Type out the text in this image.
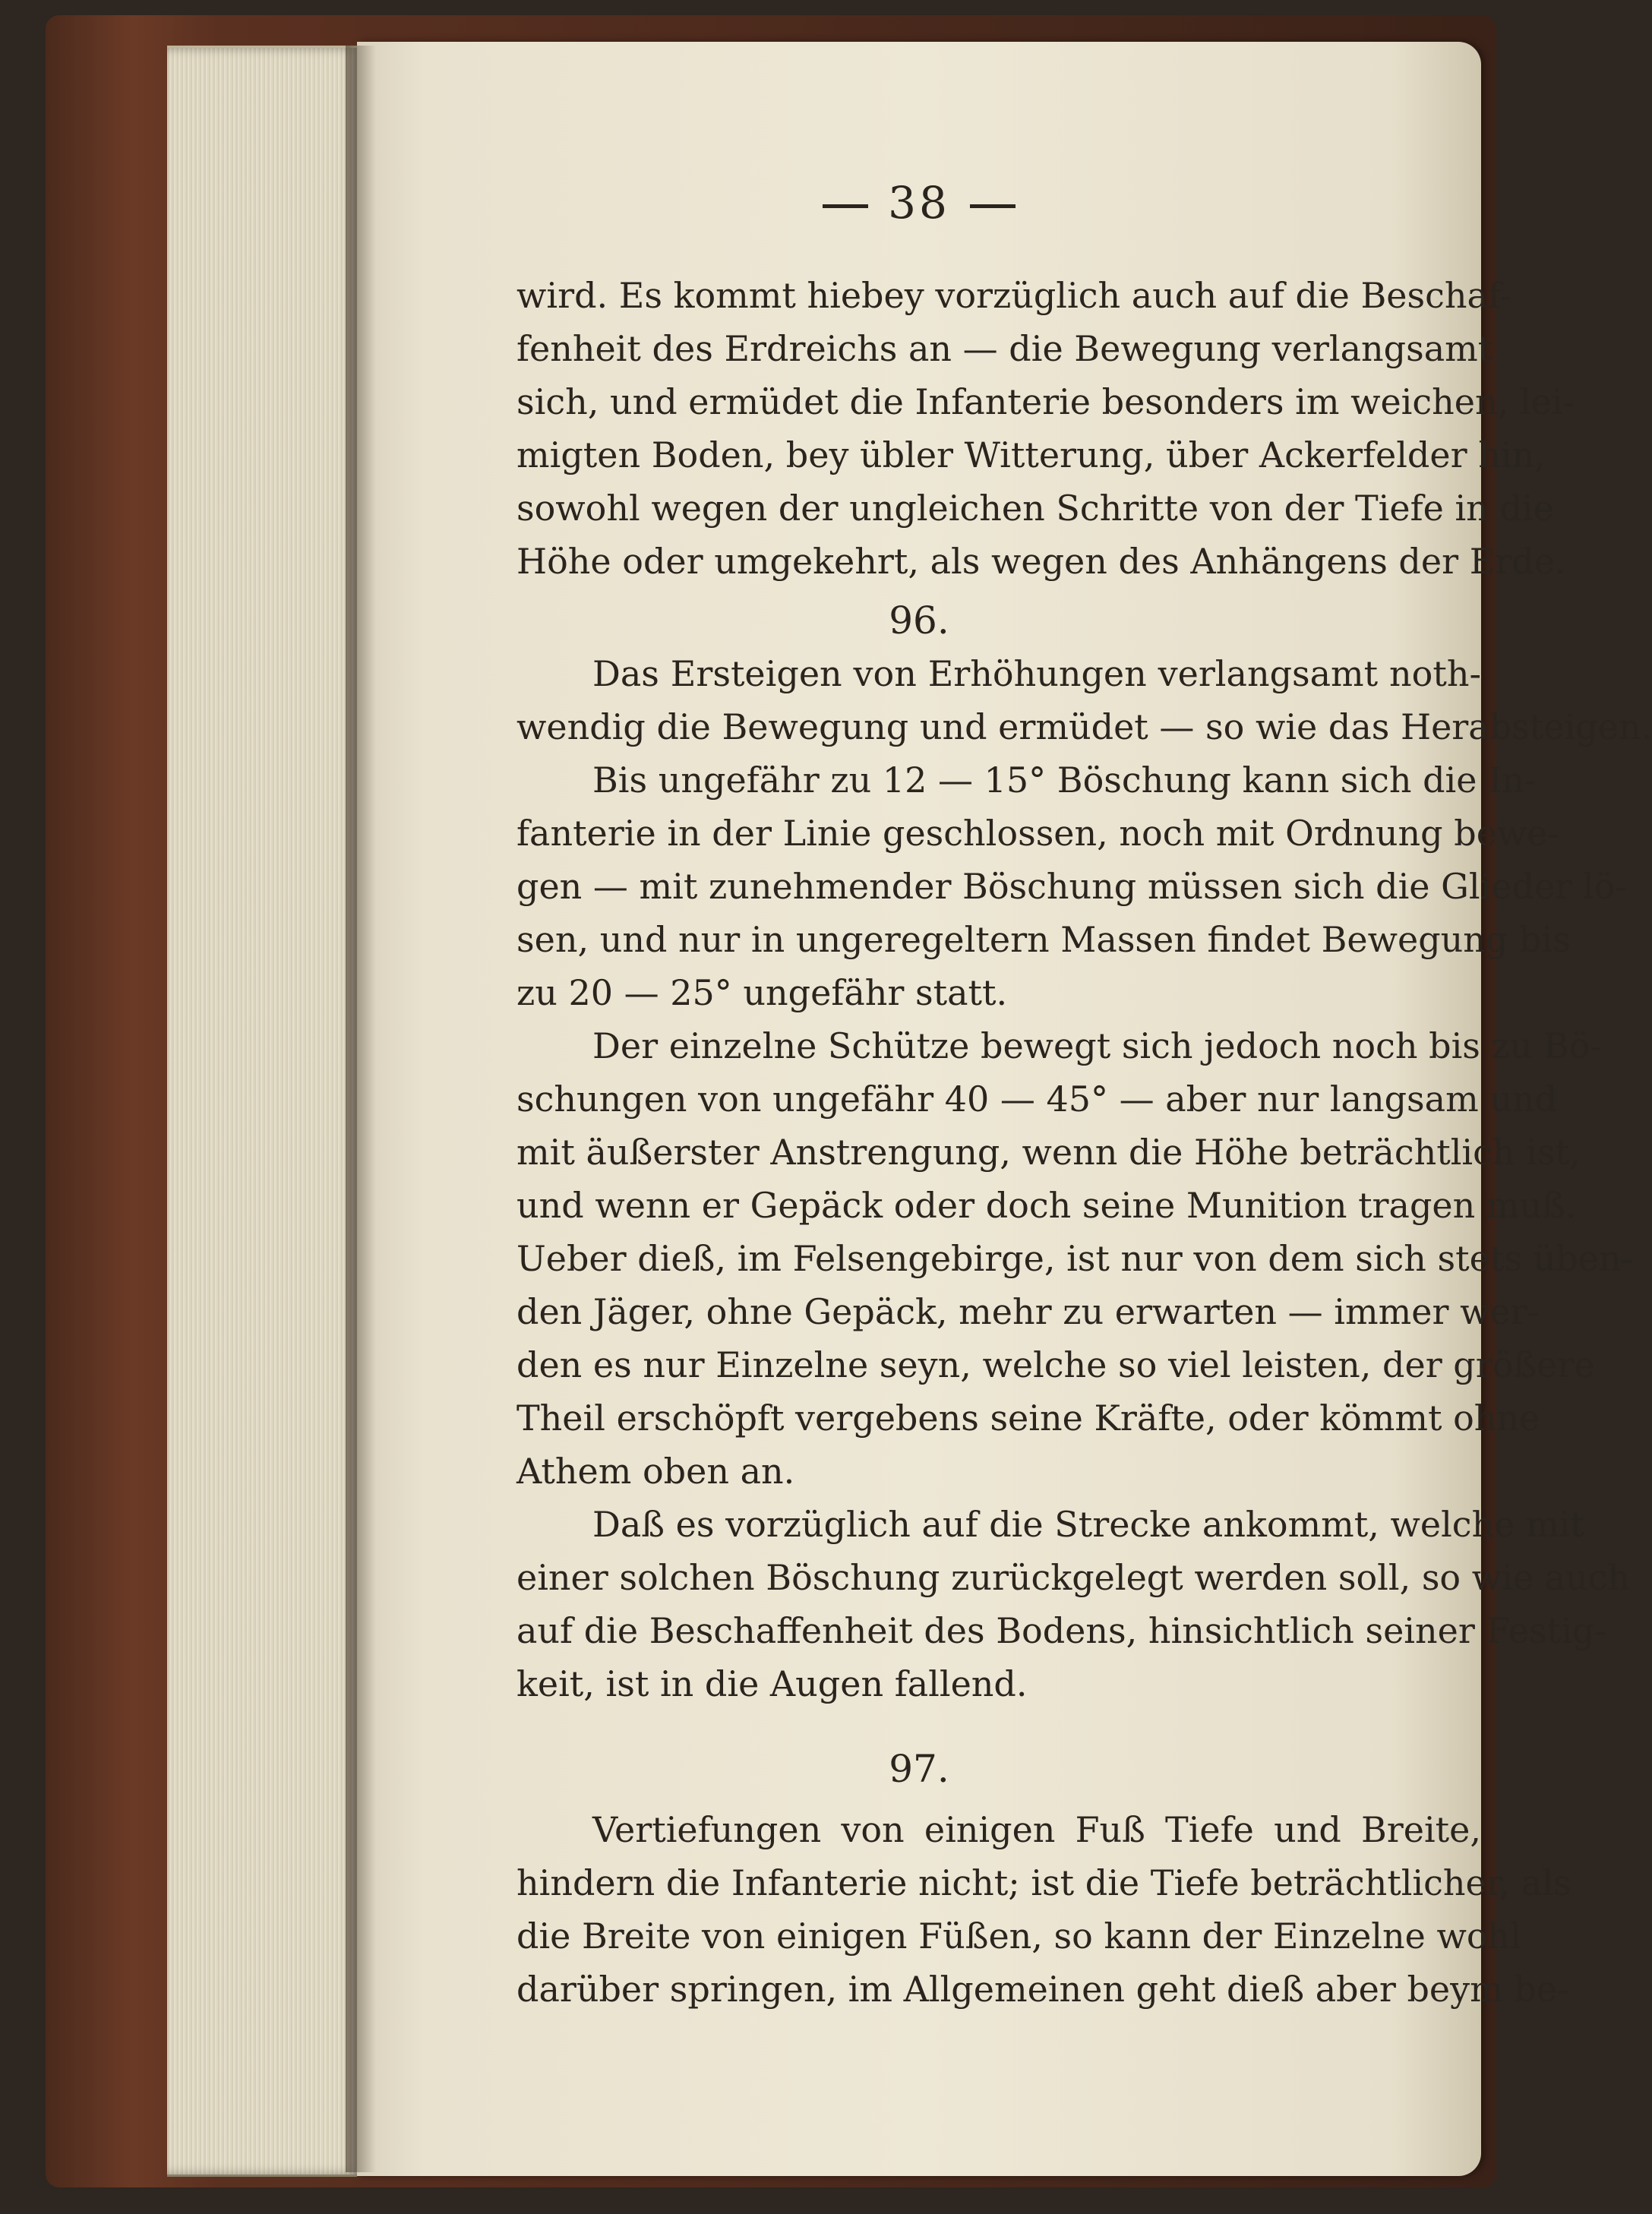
38
wird. Es kommt hiebey vorzüglich auch auf die Beschaf-
fenheit des Erdreichs an — die Bewegung verlangsamt
sich, und ermüdet die Infanterie besonders im weichen, lei-
migten Boden, bey übler Witterung, über Ackerfelder hin,
sowohl wegen der ungleichen Schritte von der Tiefe in die
Höhe oder umgekehrt, als wegen des Anhängens der Erde.
96.
Das Ersteigen von Erhöhungen verlangsamt noth-
wendig die Bewegung und ermüdet — so wie das Herabsteigen.
Bis ungefähr zu 12 — 15° Böschung kann sich die In-
fanterie in der Linie geschlossen, noch mit Ordnung bewe-
gen — mit zunehmender Böschung müssen sich die Glieder lö-
sen, und nur in ungeregeltern Massen findet Bewegung bis
zu 20 — 25° ungefähr statt.
Der einzelne Schütze bewegt sich jedoch noch bis zu Bö-
schungen von ungefähr 40 — 45° — aber nur langsam und
mit äußerster Anstrengung, wenn die Höhe beträchtlich ist,
und wenn er Gepäck oder doch seine Munition tragen muß.
Ueber dieß, im Felsengebirge, ist nur von dem sich stets üben-
den Jäger, ohne Gepäck, mehr zu erwarten — immer wer-
den es nur Einzelne seyn, welche so viel leisten, der größere
Theil erschöpft vergebens seine Kräfte, oder kömmt ohne
Athem oben an.
Daß es vorzüglich auf die Strecke ankommt, welche mit
einer solchen Böschung zurückgelegt werden soll, so wie auch
auf die Beschaffenheit des Bodens, hinsichtlich seiner Festig-
keit, ist in die Augen fallend.
97.
Vertiefungen von einigen Fuß Tiefe und Breite,
hindern die Infanterie nicht; ist die Tiefe beträchtlicher, als
die Breite von einigen Füßen, so kann der Einzelne wohl
darüber springen, im Allgemeinen geht dieß aber beym be-
